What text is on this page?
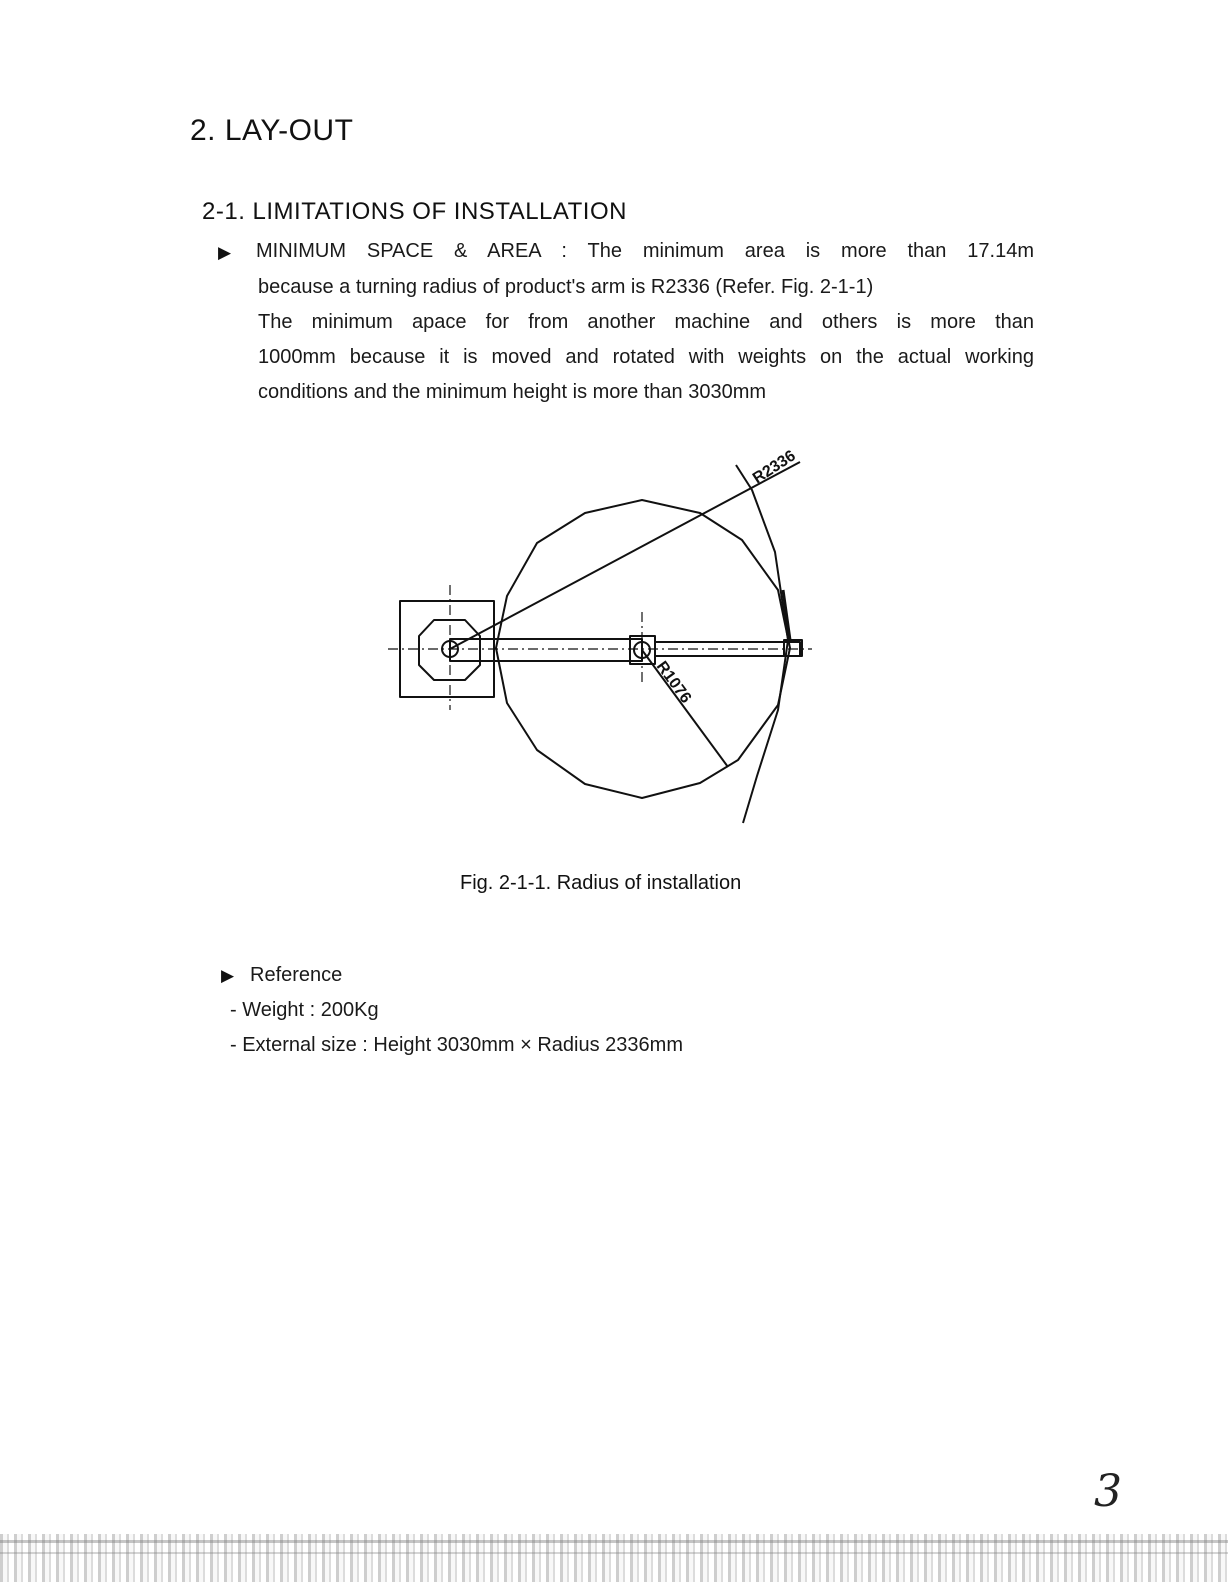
2. LAY-OUT
2-1. LIMITATIONS OF INSTALLATION
▶ MINIMUM SPACE & AREA : The minimum area is more than 17.14m
because a turning radius of product's arm is R2336 (Refer. Fig. 2-1-1)
The minimum apace for from another machine and others is more than
1000mm because it is moved and rotated with weights on the actual working
conditions and the minimum height is more than 3030mm
R2336
R1076
Fig. 2-1-1. Radius of installation
▶ Reference
- Weight : 200Kg
- External size : Height 3030mm × Radius 2336mm
3
